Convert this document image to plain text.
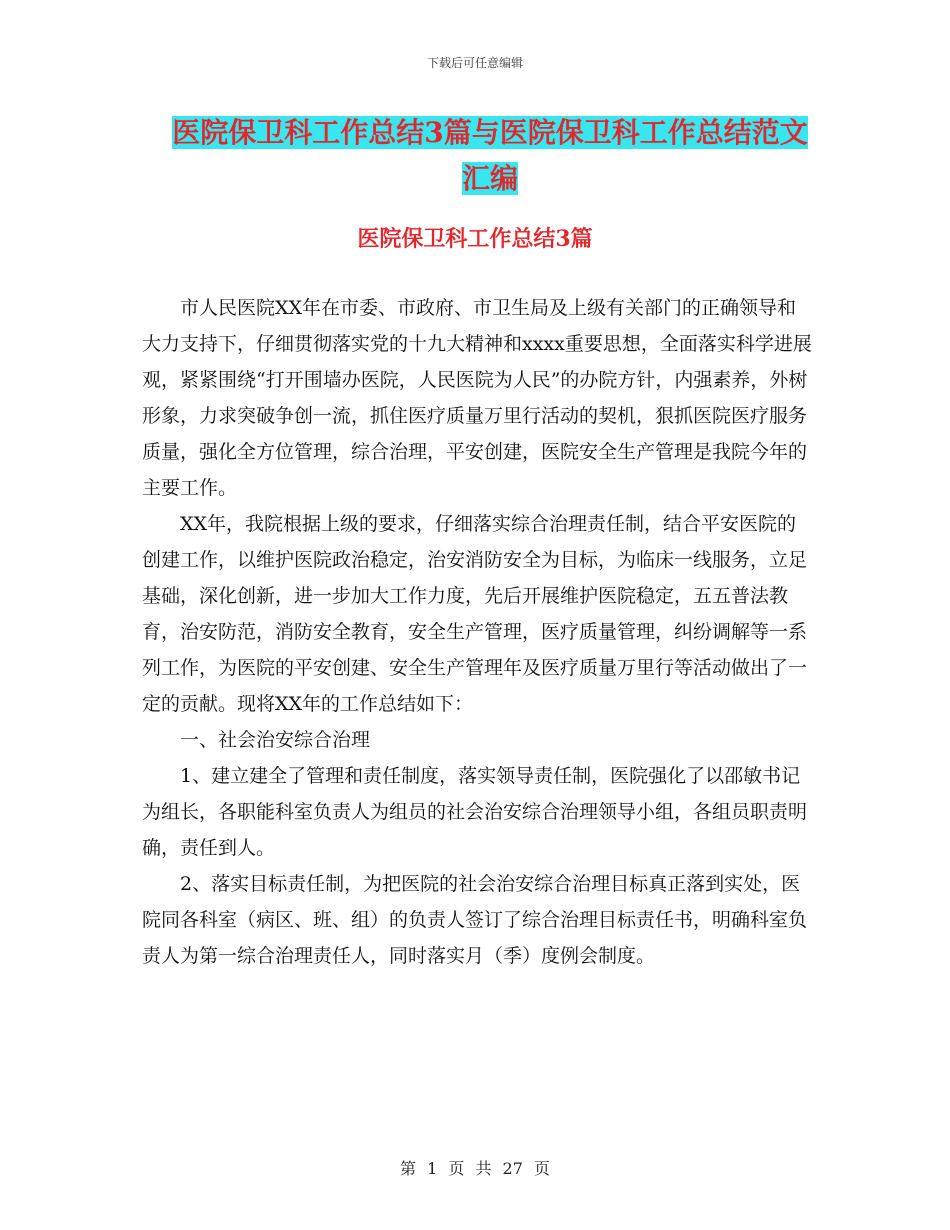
下载后可任意编辑
医院保卫科工作总结3篇与医院保卫科工作总结范文
汇编
医院保卫科工作总结3篇

市人民医院XX年在市委、市政府、市卫生局及上级有关部门的正确领导和大力支持下，仔细贯彻落实党的十九大精神和xxxx重要思想，全面落实科学进展观，紧紧围绕“打开围墙办医院，人民医院为人民”的办院方针，内强素养，外树形象，力求突破争创一流，抓住医疗质量万里行活动的契机，狠抓医院医疗服务质量，强化全方位管理，综合治理，平安创建，医院安全生产管理是我院今年的主要工作。

XX年，我院根据上级的要求，仔细落实综合治理责任制，结合平安医院的创建工作，以维护医院政治稳定，治安消防安全为目标，为临床一线服务，立足基础，深化创新，进一步加大工作力度，先后开展维护医院稳定，五五普法教育，治安防范，消防安全教育，安全生产管理，医疗质量管理，纠纷调解等一系列工作，为医院的平安创建、安全生产管理年及医疗质量万里行等活动做出了一定的贡献。现将XX年的工作总结如下：

一、社会治安综合治理

1、建立建全了管理和责任制度，落实领导责任制，医院强化了以邵敏书记为组长，各职能科室负责人为组员的社会治安综合治理领导小组，各组员职责明确，责任到人。

2、落实目标责任制，为把医院的社会治安综合治理目标真正落到实处，医院同各科室（病区、班、组）的负责人签订了综合治理目标责任书，明确科室负责人为第一综合治理责任人，同时落实月（季）度例会制度。

第 1 页 共 27 页
